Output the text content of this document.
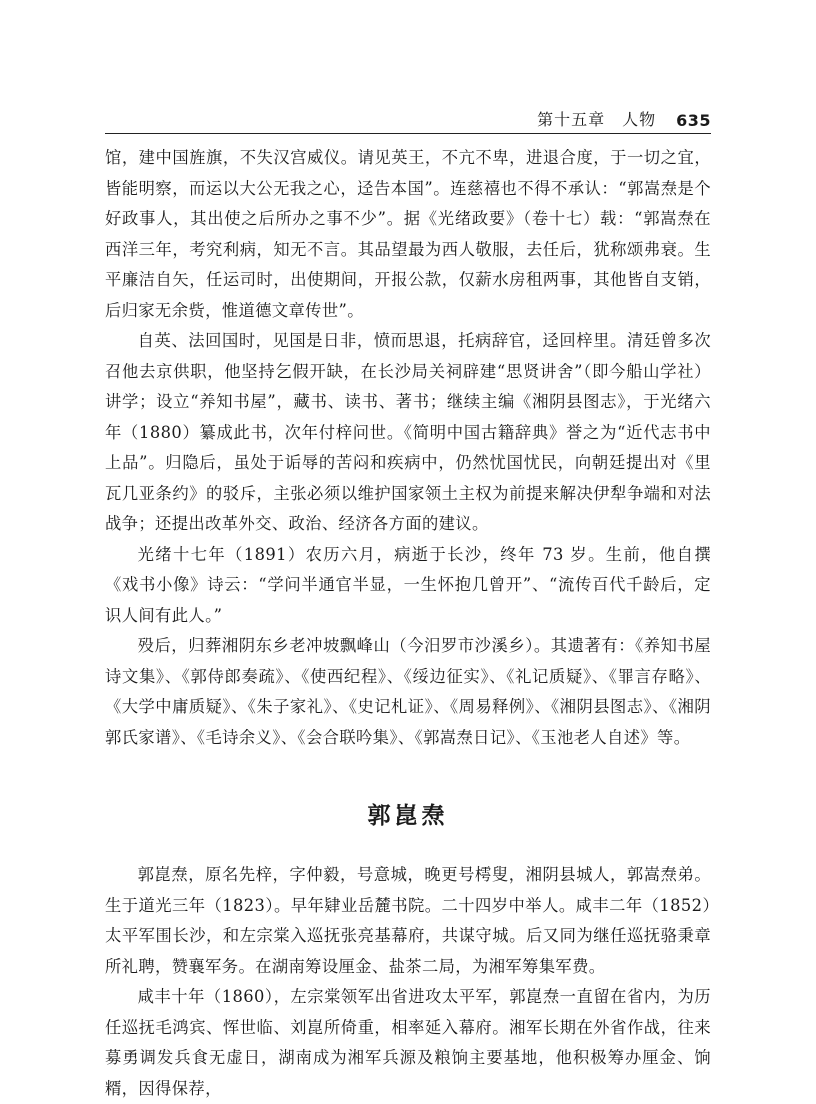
第十五章　人物 635

馆，建中国旌旗，不失汉宫威仪。请见英王，不亢不卑，进退合度，于一切之宜，皆能明察，而运以大公无我之心，迳告本国”。连慈禧也不得不承认：“郭嵩焘是个好政事人，其出使之后所办之事不少”。据《光绪政要》（卷十七）载：“郭嵩焘在西洋三年，考究利病，知无不言。其品望最为西人敬服，去任后，犹称颂弗衰。生平廉洁自矢，任运司时，出使期间，开报公款，仅薪水房租两事，其他皆自支销，后归家无余赀，惟道德文章传世”。

自英、法回国时，见国是日非，愤而思退，托病辞官，迳回梓里。清廷曾多次召他去京供职，他坚持乞假开缺，在长沙局关祠辟建“思贤讲舍”（即今船山学社）讲学；设立“养知书屋”，藏书、读书、著书；继续主编《湘阴县图志》，于光绪六年（1880）纂成此书，次年付梓问世。《简明中国古籍辞典》誉之为“近代志书中上品”。归隐后，虽处于诟辱的苦闷和疾病中，仍然忧国忧民，向朝廷提出对《里瓦几亚条约》的驳斥，主张必须以维护国家领土主权为前提来解决伊犁争端和对法战争；还提出改革外交、政治、经济各方面的建议。

光绪十七年（1891）农历六月，病逝于长沙，终年 73 岁。生前，他自撰《戏书小像》诗云：“学问半通官半显，一生怀抱几曾开”、“流传百代千龄后，定识人间有此人。”

殁后，归葬湘阴东乡老冲坡飘峰山（今汨罗市沙溪乡）。其遗著有：《养知书屋诗文集》、《郭侍郎奏疏》、《使西纪程》、《绥边征实》、《礼记质疑》、《罪言存略》、《大学中庸质疑》、《朱子家礼》、《史记札证》、《周易释例》、《湘阴县图志》、《湘阴郭氏家谱》、《毛诗余义》、《会合联吟集》、《郭嵩焘日记》、《玉池老人自述》等。

郭崑焘

郭崑焘，原名先梓，字仲毅，号意城，晚更号樗叟，湘阴县城人，郭嵩焘弟。生于道光三年（1823）。早年肄业岳麓书院。二十四岁中举人。咸丰二年（1852）太平军围长沙，和左宗棠入巡抚张亮基幕府，共谋守城。后又同为继任巡抚骆秉章所礼聘，赞襄军务。在湖南筹设厘金、盐茶二局，为湘军筹集军费。

咸丰十年（1860），左宗棠领军出省进攻太平军，郭崑焘一直留在省内，为历任巡抚毛鸿宾、恽世临、刘崑所倚重，相率延入幕府。湘军长期在外省作战，往来募勇调发兵食无虚日，湖南成为湘军兵源及粮饷主要基地，他积极筹办厘金、饷糈，因得保荐，
